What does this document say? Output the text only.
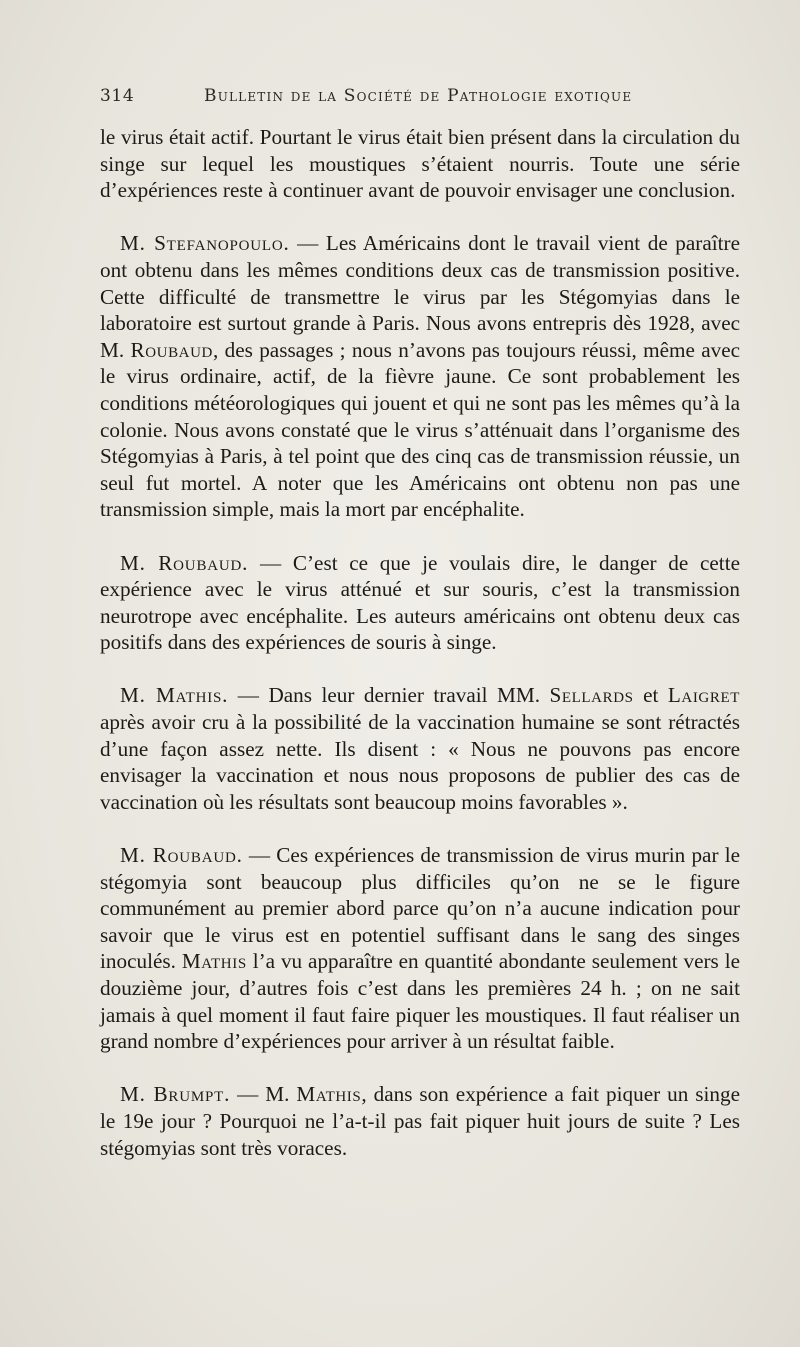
314	Bulletin de la Société de Pathologie exotique

le virus était actif. Pourtant le virus était bien présent dans la circulation du singe sur lequel les moustiques s’étaient nourris. Toute une série d’expériences reste à continuer avant de pouvoir envisager une conclusion.

M. Stefanopoulo. — Les Américains dont le travail vient de paraître ont obtenu dans les mêmes conditions deux cas de transmission positive. Cette difficulté de transmettre le virus par les Stégomyias dans le laboratoire est surtout grande à Paris. Nous avons entrepris dès 1928, avec M. Roubaud, des passages ; nous n’avons pas toujours réussi, même avec le virus ordinaire, actif, de la fièvre jaune. Ce sont probablement les conditions météorologiques qui jouent et qui ne sont pas les mêmes qu’à la colonie. Nous avons constaté que le virus s’atténuait dans l’organisme des Stégomyias à Paris, à tel point que des cinq cas de transmission réussie, un seul fut mortel. A noter que les Américains ont obtenu non pas une transmission simple, mais la mort par encéphalite.

M. Roubaud. — C’est ce que je voulais dire, le danger de cette expérience avec le virus atténué et sur souris, c’est la transmission neurotrope avec encéphalite. Les auteurs américains ont obtenu deux cas positifs dans des expériences de souris à singe.

M. Mathis. — Dans leur dernier travail MM. Sellards et Laigret après avoir cru à la possibilité de la vaccination humaine se sont rétractés d’une façon assez nette. Ils disent : « Nous ne pouvons pas encore envisager la vaccination et nous nous proposons de publier des cas de vaccination où les résultats sont beaucoup moins favorables ».

M. Roubaud. — Ces expériences de transmission de virus murin par le stégomyia sont beaucoup plus difficiles qu’on ne se le figure communément au premier abord parce qu’on n’a aucune indication pour savoir que le virus est en potentiel suffisant dans le sang des singes inoculés. Mathis l’a vu apparaître en quantité abondante seulement vers le douzième jour, d’autres fois c’est dans les premières 24 h. ; on ne sait jamais à quel moment il faut faire piquer les moustiques. Il faut réaliser un grand nombre d’expériences pour arriver à un résultat faible.

M. Brumpt. — M. Mathis, dans son expérience a fait piquer un singe le 19e jour ? Pourquoi ne l’a-t-il pas fait piquer huit jours de suite ? Les stégomyias sont très voraces.
